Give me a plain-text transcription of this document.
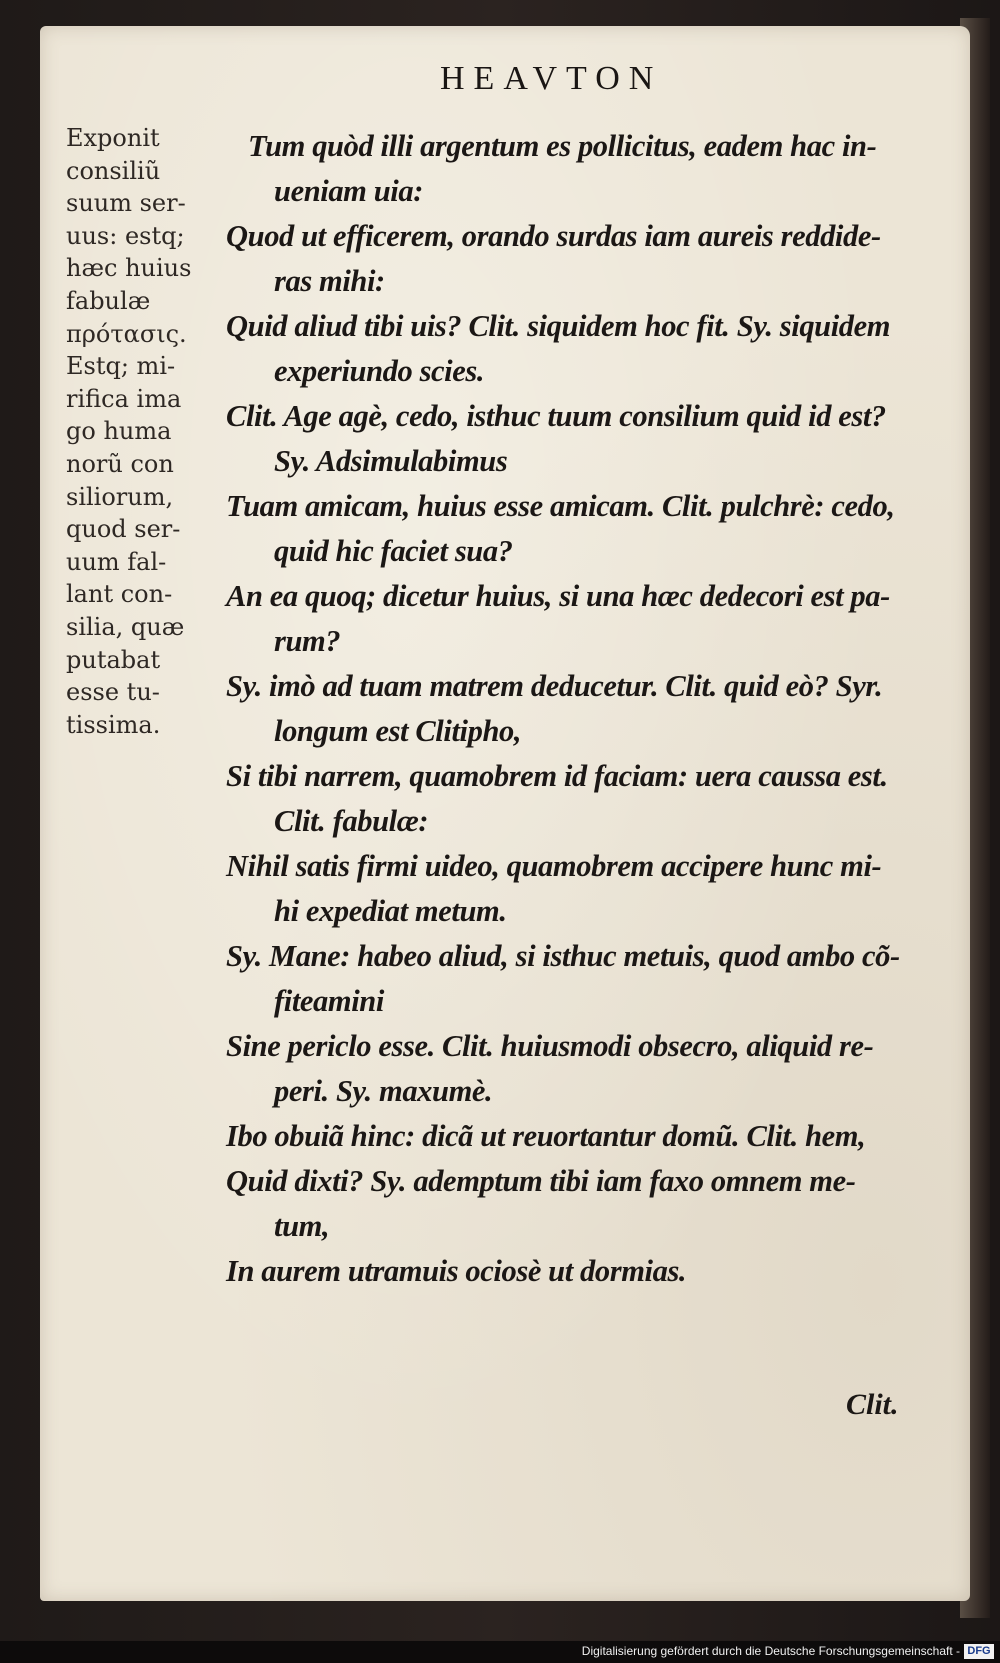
HEAVTON
Exponit
consiliũ
suum ser-
uus: estq;
hæc huius
fabulæ
πρότασις.
Estq; mi-
rifica ima
go huma
norũ con
siliorum,
quod ser-
uum fal-
lant con-
silia, quæ
putabat
esse tu-
tissima.
Tum quòd illi argentum es pollicitus, eadem hac in-
ueniam uia:
Quod ut efficerem, orando surdas iam aureis reddide-
ras mihi:
Quid aliud tibi uis? Clit. siquidem hoc fit. Sy. siquidem
experiundo scies.
Clit. Age agè, cedo, isthuc tuum consilium quid id est?
Sy. Adsimulabimus
Tuam amicam, huius esse amicam. Clit. pulchrè: cedo,
quid hic faciet sua?
An ea quoq; dicetur huius, si una hæc dedecori est pa-
rum?
Sy. imò ad tuam matrem deducetur. Clit. quid eò? Syr.
longum est Clitipho,
Si tibi narrem, quamobrem id faciam: uera caussa est.
Clit. fabulæ:
Nihil satis firmi uideo, quamobrem accipere hunc mi-
hi expediat metum.
Sy. Mane: habeo aliud, si isthuc metuis, quod ambo cõ-
fiteamini
Sine periclo esse. Clit. huiusmodi obsecro, aliquid re-
peri. Sy. maxumè.
Ibo obuiã hinc: dicã ut reuortantur domũ. Clit. hem,
Quid dixti? Sy. ademptum tibi iam faxo omnem me-
tum,
In aurem utramuis ociosè ut dormias.
Clit.
Digitalisierung gefördert durch die Deutsche Forschungsgemeinschaft - DFG
